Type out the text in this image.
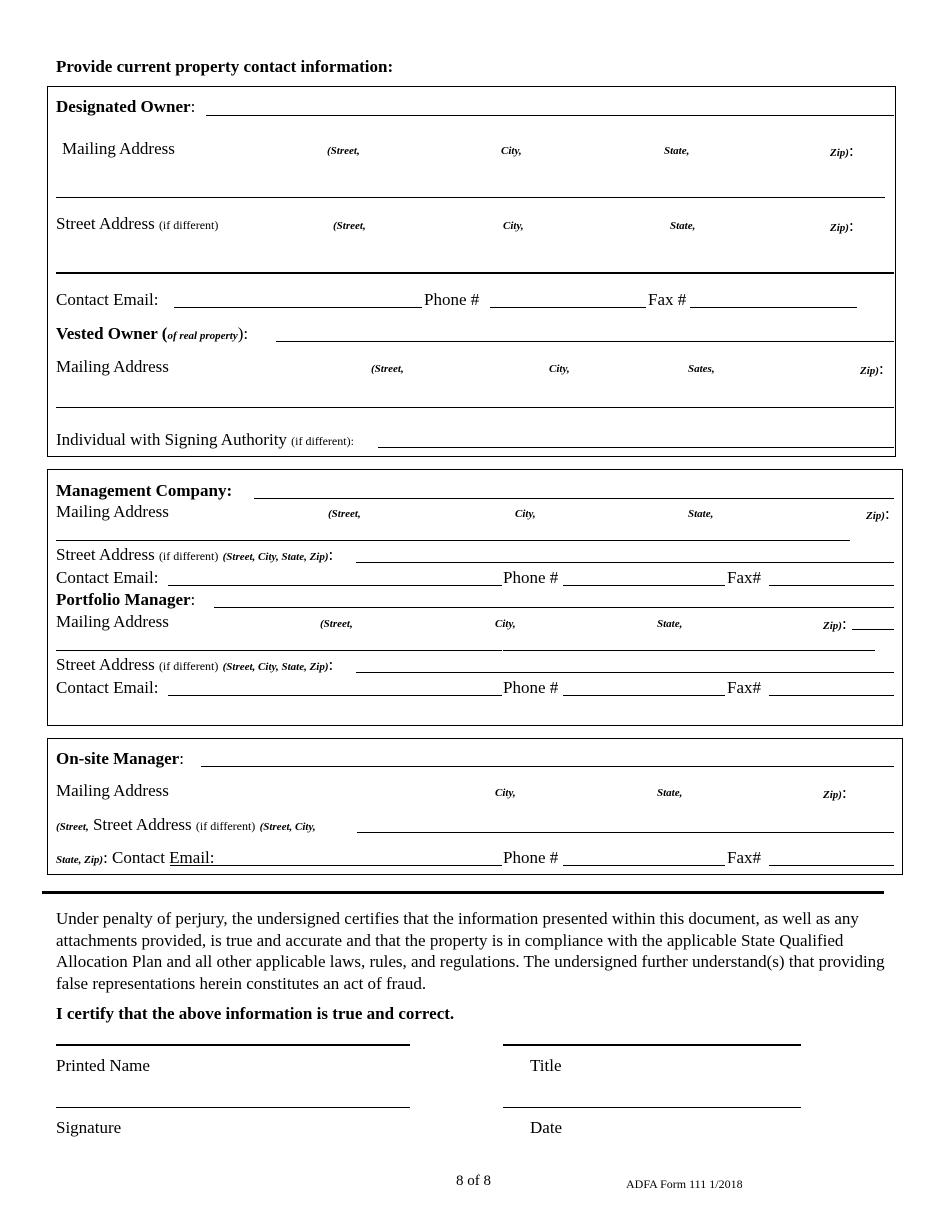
Provide current property contact information:
Designated Owner:
Mailing Address	(Street,	City,	State,	Zip):
Street Address (if different)	(Street,	City,	State,	Zip):
Contact Email:	Phone #	Fax #
Vested Owner (of real property):
Mailing Address	(Street,	City,	Sates,	Zip):
Individual with Signing Authority (if different):
Management Company:
Mailing Address	(Street,	City,	State,	Zip):
Street Address (if different) (Street, City, State, Zip):
Contact Email:	Phone #	Fax#
Portfolio Manager:
Mailing Address	(Street,	City,	State,	Zip):
Street Address (if different) (Street, City, State, Zip):
Contact Email:	Phone #	Fax#
On-site Manager:
Mailing Address	City,	State,	Zip):
(Street, Street Address (if different) (Street, City,
State, Zip): Contact Email:	Phone #	Fax#
Under penalty of perjury, the undersigned certifies that the information presented within this document, as well as any attachments provided, is true and accurate and that the property is in compliance with the applicable State Qualified Allocation Plan and all other applicable laws, rules, and regulations. The undersigned further understand(s) that providing false representations herein constitutes an act of fraud.
I certify that the above information is true and correct.
Printed Name	Title
Signature	Date
8 of 8	ADFA Form 111 1/2018
